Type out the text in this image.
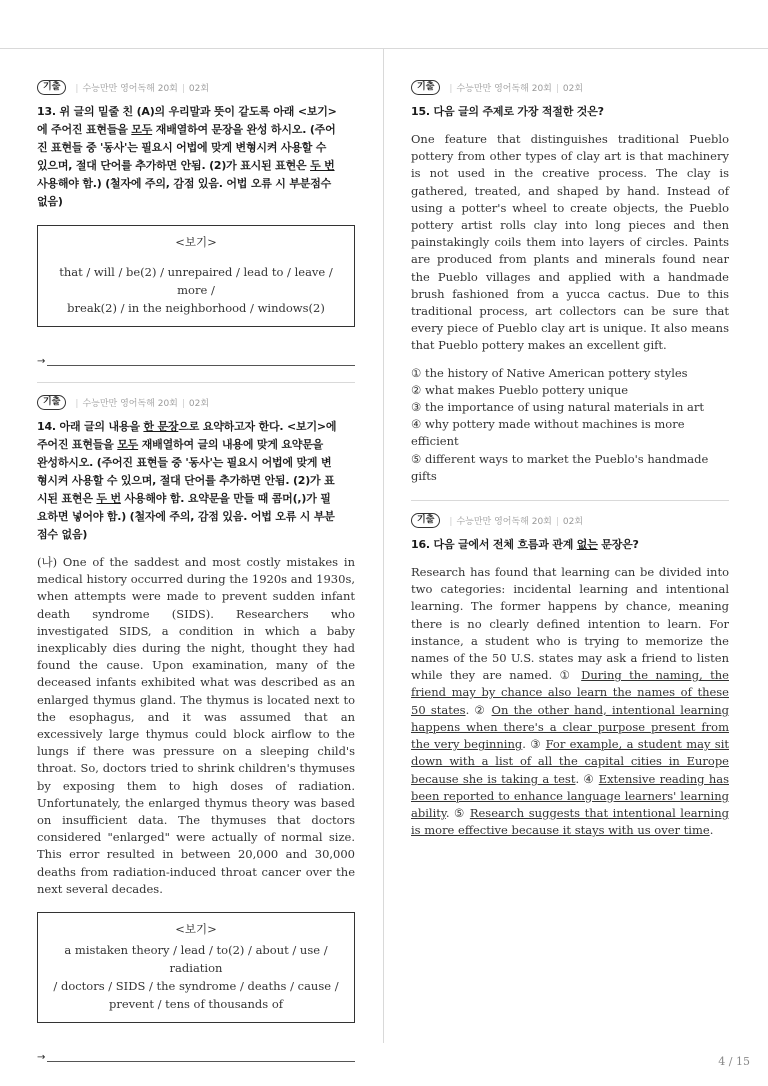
기출	| 수능만만 영어독해 20회 | 02회
13. 위 글의 밑줄 친 (A)의 우리말과 뜻이 같도록 아래 <보기>
에 주어진 표현들을 모두 재배열하여 문장을 완성 하시오. (주어
진 표현들 중 '동사'는 필요시 어법에 맞게 변형시켜 사용할 수
있으며, 절대 단어를 추가하면 안됨. (2)가 표시된 표현은 두 번
사용해야 함.) (철자에 주의, 감점 있음. 어법 오류 시 부분점수
없음)
<보기>
that / will / be(2) / unrepaired / lead to / leave / more /
break(2) / in the neighborhood / windows(2)
→
기출	| 수능만만 영어독해 20회 | 02회
14. 아래 글의 내용을 한 문장으로 요약하고자 한다. <보기>에
주어진 표현들을 모두 재배열하여 글의 내용에 맞게 요약문을
완성하시오. (주어진 표현들 중 '동사'는 필요시 어법에 맞게 변
형시켜 사용할 수 있으며, 절대 단어를 추가하면 안됨. (2)가 표
시된 표현은 두 번 사용해야 함. 요약문을 만들 때 콤머(,)가 필
요하면 넣어야 함.) (철자에 주의, 감점 있음. 어법 오류 시 부분
점수 없음)

(나) One of the saddest and most costly mistakes in medical history occurred during the 1920s and 1930s, when attempts were made to prevent sudden infant death syndrome (SIDS). Researchers who investigated SIDS, a condition in which a baby inexplicably dies during the night, thought they had found the cause. Upon examination, many of the deceased infants exhibited what was described as an enlarged thymus gland. The thymus is located next to the esophagus, and it was assumed that an excessively large thymus could block airflow to the lungs if there was pressure on a sleeping child's throat. So, doctors tried to shrink children's thymuses by exposing them to high doses of radiation. Unfortunately, the enlarged thymus theory was based on insufficient data. The thymuses that doctors considered "enlarged" were actually of normal size. This error resulted in between 20,000 and 30,000 deaths from radiation-induced throat cancer over the next several decades.

<보기>
a mistaken theory / lead / to(2) / about / use / radiation
/ doctors / SIDS / the syndrome / deaths / cause /
prevent / tens of thousands of
→
기출	| 수능만만 영어독해 20회 | 02회
15. 다음 글의 주제로 가장 적절한 것은?

One feature that distinguishes traditional Pueblo pottery from other types of clay art is that machinery is not used in the creative process. The clay is gathered, treated, and shaped by hand. Instead of using a potter's wheel to create objects, the Pueblo pottery artist rolls clay into long pieces and then painstakingly coils them into layers of circles. Paints are produced from plants and minerals found near the Pueblo villages and applied with a handmade brush fashioned from a yucca cactus. Due to this traditional process, art collectors can be sure that every piece of Pueblo clay art is unique. It also means that Pueblo pottery makes an excellent gift.

① the history of Native American pottery styles
② what makes Pueblo pottery unique
③ the importance of using natural materials in art
④ why pottery made without machines is more efficient
⑤ different ways to market the Pueblo's handmade gifts
기출	| 수능만만 영어독해 20회 | 02회
16. 다음 글에서 전체 흐름과 관계 없는 문장은?

Research has found that learning can be divided into two categories: incidental learning and intentional learning. The former happens by chance, meaning there is no clearly defined intention to learn. For instance, a student who is trying to memorize the names of the 50 U.S. states may ask a friend to listen while they are named. ① During the naming, the friend may by chance also learn the names of these 50 states. ② On the other hand, intentional learning happens when there's a clear purpose present from the very beginning. ③ For example, a student may sit down with a list of all the capital cities in Europe because she is taking a test. ④ Extensive reading has been reported to enhance language learners' learning ability. ⑤ Research suggests that intentional learning is more effective because it stays with us over time.

4 / 15
